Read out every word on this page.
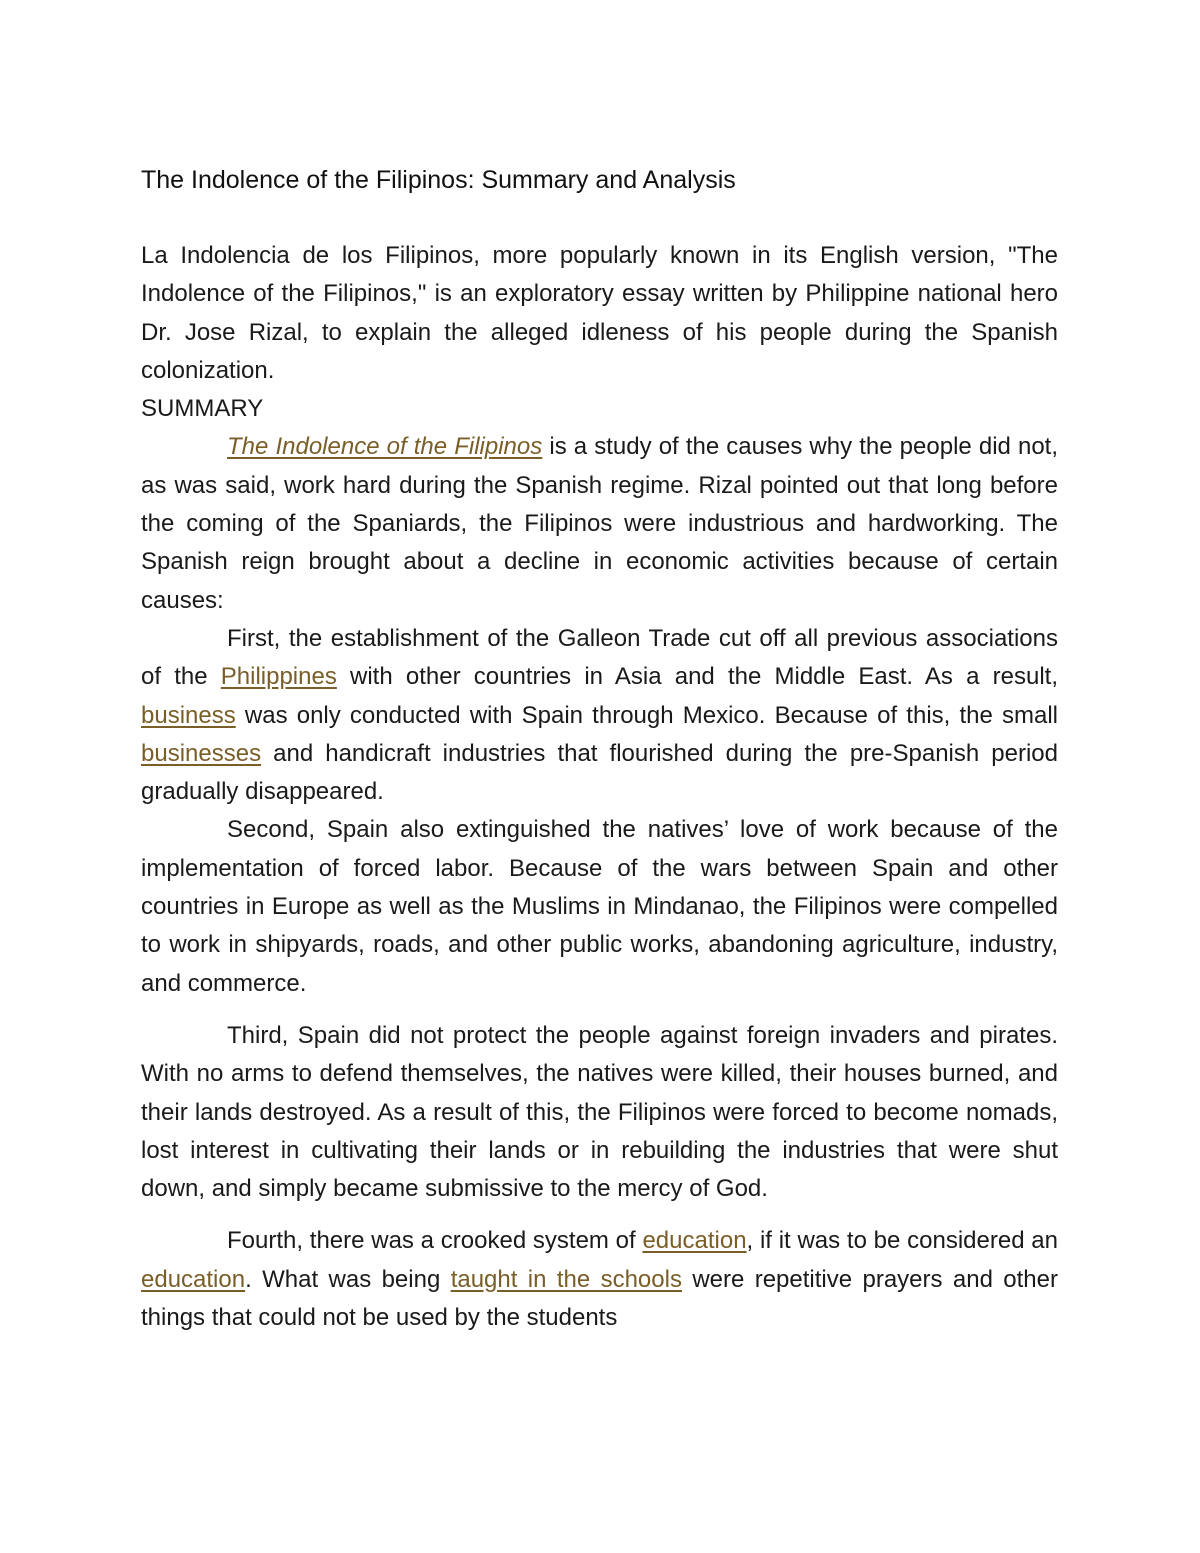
The Indolence of the Filipinos: Summary and Analysis

La Indolencia de los Filipinos, more popularly known in its English version, "The Indolence of the Filipinos," is an exploratory essay written by Philippine national hero Dr. Jose Rizal, to explain the alleged idleness of his people during the Spanish colonization.

SUMMARY

The Indolence of the Filipinos is a study of the causes why the people did not, as was said, work hard during the Spanish regime. Rizal pointed out that long before the coming of the Spaniards, the Filipinos were industrious and hardworking. The Spanish reign brought about a decline in economic activities because of certain causes:

First, the establishment of the Galleon Trade cut off all previous associations of the Philippines with other countries in Asia and the Middle East. As a result, business was only conducted with Spain through Mexico. Because of this, the small businesses and handicraft industries that flourished during the pre-Spanish period gradually disappeared.

Second, Spain also extinguished the natives’ love of work because of the implementation of forced labor. Because of the wars between Spain and other countries in Europe as well as the Muslims in Mindanao, the Filipinos were compelled to work in shipyards, roads, and other public works, abandoning agriculture, industry, and commerce.

Third, Spain did not protect the people against foreign invaders and pirates. With no arms to defend themselves, the natives were killed, their houses burned, and their lands destroyed. As a result of this, the Filipinos were forced to become nomads, lost interest in cultivating their lands or in rebuilding the industries that were shut down, and simply became submissive to the mercy of God.

Fourth, there was a crooked system of education, if it was to be considered an education. What was being taught in the schools were repetitive prayers and other things that could not be used by the students
